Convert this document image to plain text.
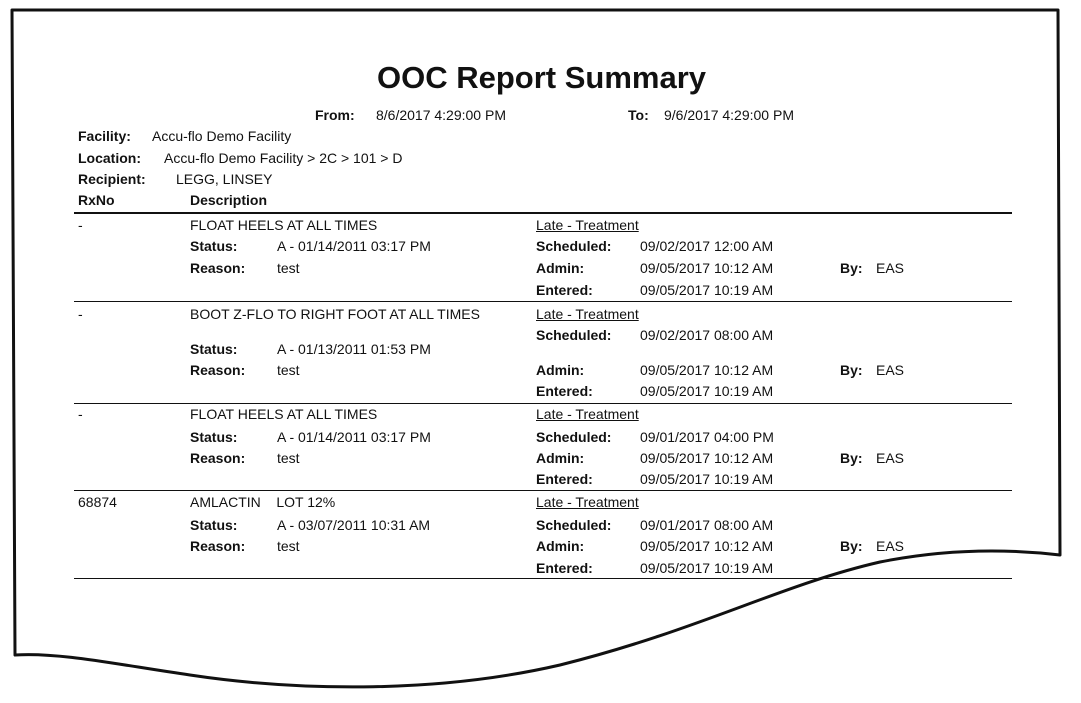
OOC Report Summary
From: 8/6/2017 4:29:00 PM	To: 9/6/2017 4:29:00 PM
Facility: Accu-flo Demo Facility
Location: Accu-flo Demo Facility > 2C > 101 > D
Recipient: LEGG, LINSEY
RxNo	Description
-	FLOAT HEELS AT ALL TIMES	Late - Treatment
Status:	A - 01/14/2011 03:17 PM	Scheduled: 09/02/2017 12:00 AM
Reason: test	Admin:	09/05/2017 10:12 AM	By: EAS
Entered:	09/05/2017 10:19 AM
-	BOOT Z-FLO TO RIGHT FOOT AT ALL TIMES	Late - Treatment
Scheduled: 09/02/2017 08:00 AM
Status:	A - 01/13/2011 01:53 PM
Reason: test	Admin:	09/05/2017 10:12 AM	By: EAS
Entered:	09/05/2017 10:19 AM
-	FLOAT HEELS AT ALL TIMES	Late - Treatment
Status:	A - 01/14/2011 03:17 PM	Scheduled: 09/01/2017 04:00 PM
Reason: test	Admin:	09/05/2017 10:12 AM	By: EAS
Entered:	09/05/2017 10:19 AM
68874	AMLACTIN    LOT 12%	Late - Treatment
Status:	A - 03/07/2011 10:31 AM	Scheduled: 09/01/2017 08:00 AM
Reason: test	Admin:	09/05/2017 10:12 AM	By: EAS
Entered:	09/05/2017 10:19 AM
